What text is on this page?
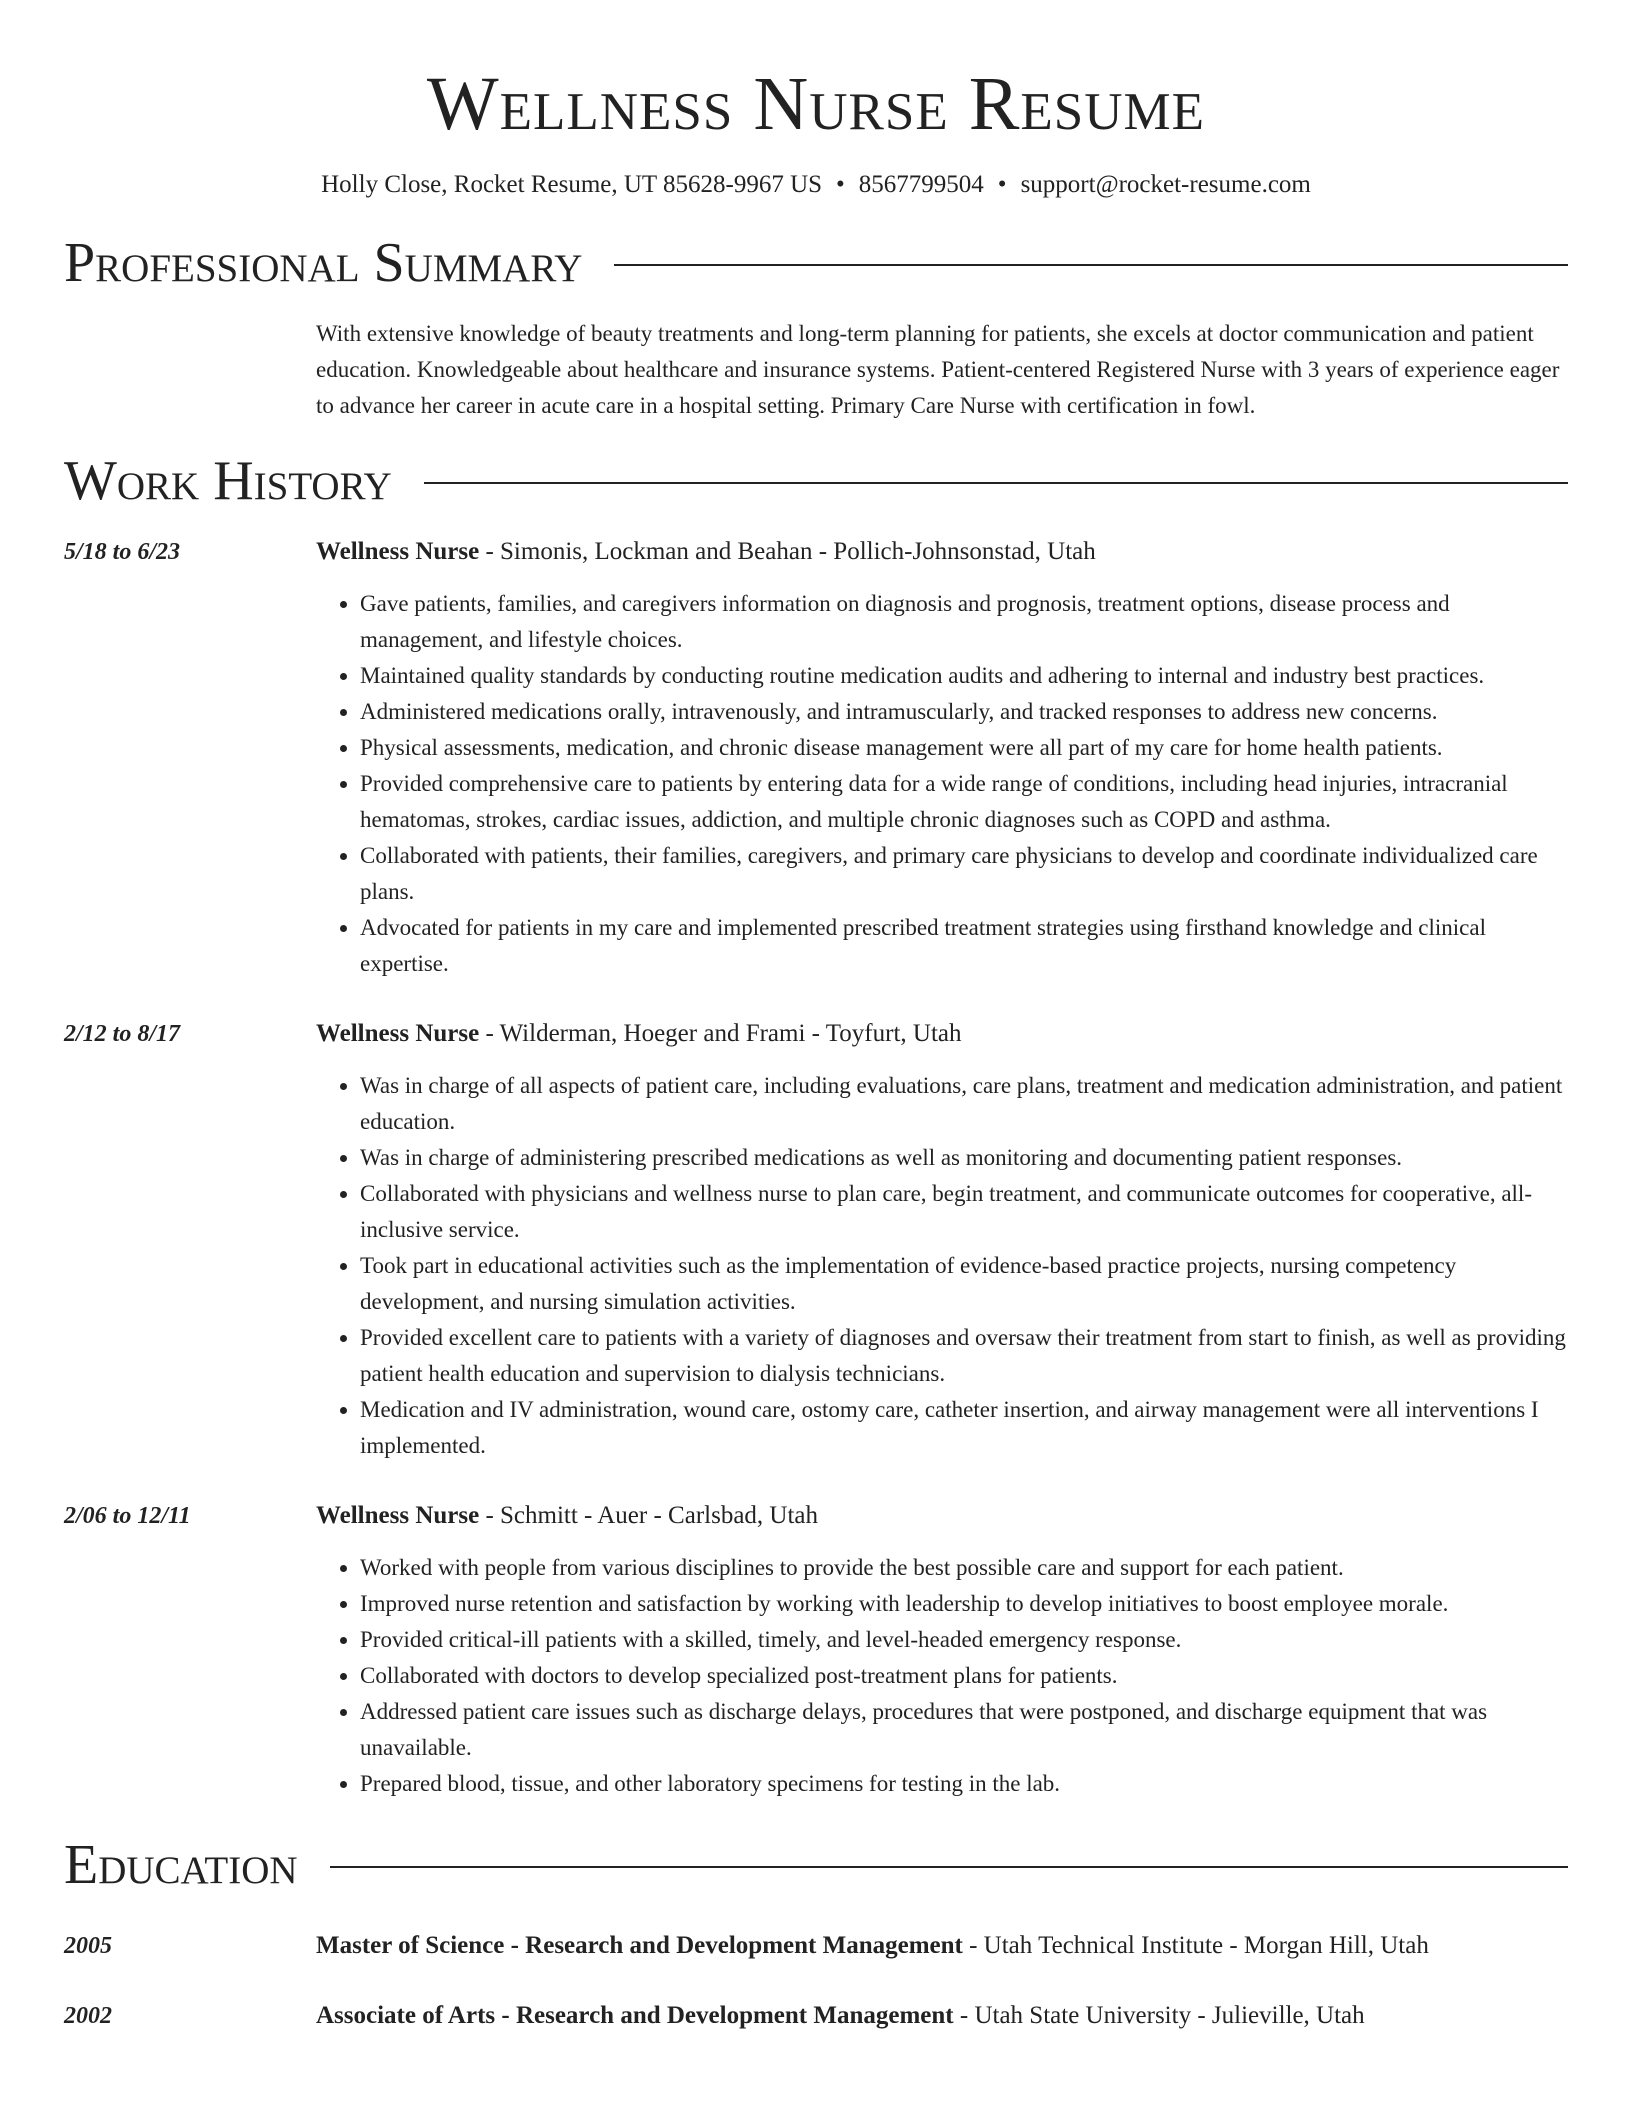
Wellness Nurse Resume
Holly Close, Rocket Resume, UT 85628-9967 US • 8567799504 • support@rocket-resume.com
Professional Summary
With extensive knowledge of beauty treatments and long-term planning for patients, she excels at doctor communication and patient education. Knowledgeable about healthcare and insurance systems. Patient-centered Registered Nurse with 3 years of experience eager to advance her career in acute care in a hospital setting. Primary Care Nurse with certification in fowl.
Work History
5/18 to 6/23	Wellness Nurse - Simonis, Lockman and Beahan - Pollich-Johnsonstad, Utah
• Gave patients, families, and caregivers information on diagnosis and prognosis, treatment options, disease process and management, and lifestyle choices.
• Maintained quality standards by conducting routine medication audits and adhering to internal and industry best practices.
• Administered medications orally, intravenously, and intramuscularly, and tracked responses to address new concerns.
• Physical assessments, medication, and chronic disease management were all part of my care for home health patients.
• Provided comprehensive care to patients by entering data for a wide range of conditions, including head injuries, intracranial hematomas, strokes, cardiac issues, addiction, and multiple chronic diagnoses such as COPD and asthma.
• Collaborated with patients, their families, caregivers, and primary care physicians to develop and coordinate individualized care plans.
• Advocated for patients in my care and implemented prescribed treatment strategies using firsthand knowledge and clinical expertise.
2/12 to 8/17	Wellness Nurse - Wilderman, Hoeger and Frami - Toyfurt, Utah
• Was in charge of all aspects of patient care, including evaluations, care plans, treatment and medication administration, and patient education.
• Was in charge of administering prescribed medications as well as monitoring and documenting patient responses.
• Collaborated with physicians and wellness nurse to plan care, begin treatment, and communicate outcomes for cooperative, all-inclusive service.
• Took part in educational activities such as the implementation of evidence-based practice projects, nursing competency development, and nursing simulation activities.
• Provided excellent care to patients with a variety of diagnoses and oversaw their treatment from start to finish, as well as providing patient health education and supervision to dialysis technicians.
• Medication and IV administration, wound care, ostomy care, catheter insertion, and airway management were all interventions I implemented.
2/06 to 12/11	Wellness Nurse - Schmitt - Auer - Carlsbad, Utah
• Worked with people from various disciplines to provide the best possible care and support for each patient.
• Improved nurse retention and satisfaction by working with leadership to develop initiatives to boost employee morale.
• Provided critical-ill patients with a skilled, timely, and level-headed emergency response.
• Collaborated with doctors to develop specialized post-treatment plans for patients.
• Addressed patient care issues such as discharge delays, procedures that were postponed, and discharge equipment that was unavailable.
• Prepared blood, tissue, and other laboratory specimens for testing in the lab.
Education
2005	Master of Science - Research and Development Management - Utah Technical Institute - Morgan Hill, Utah
2002	Associate of Arts - Research and Development Management - Utah State University - Julieville, Utah
